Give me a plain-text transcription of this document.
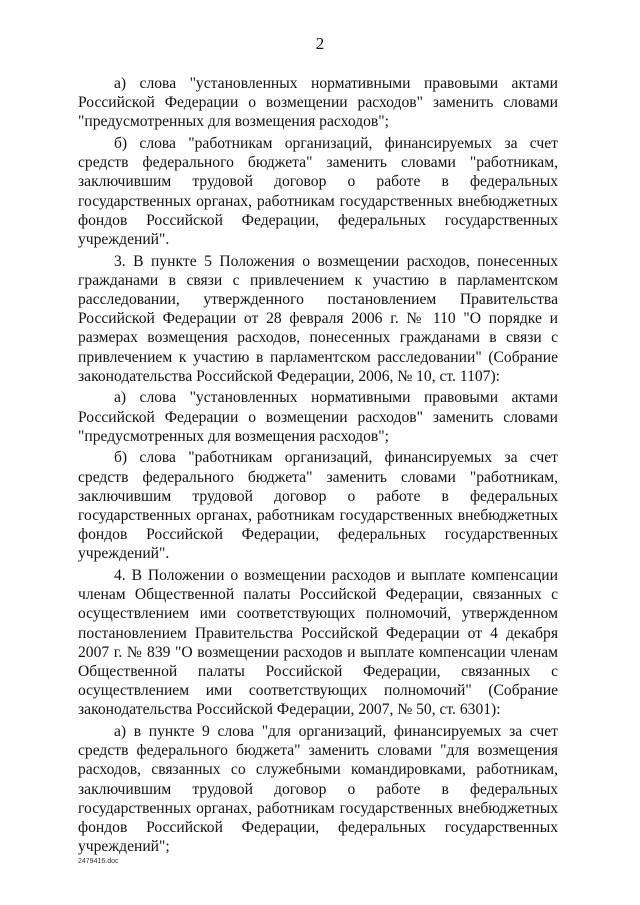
2

а) слова "установленных нормативными правовыми актами Российской Федерации о возмещении расходов" заменить словами "предусмотренных для возмещения расходов";

б) слова "работникам организаций, финансируемых за счет средств федерального бюджета" заменить словами "работникам, заключившим трудовой договор о работе в федеральных государственных органах, работникам государственных внебюджетных фондов Российской Федерации, федеральных государственных учреждений".

3. В пункте 5 Положения о возмещении расходов, понесенных гражданами в связи с привлечением к участию в парламентском расследовании, утвержденного постановлением Правительства Российской Федерации от 28 февраля 2006 г. № 110 "О порядке и размерах возмещения расходов, понесенных гражданами в связи с привлечением к участию в парламентском расследовании" (Собрание законодательства Российской Федерации, 2006, № 10, ст. 1107):

а) слова "установленных нормативными правовыми актами Российской Федерации о возмещении расходов" заменить словами "предусмотренных для возмещения расходов";

б) слова "работникам организаций, финансируемых за счет средств федерального бюджета" заменить словами "работникам, заключившим трудовой договор о работе в федеральных государственных органах, работникам государственных внебюджетных фондов Российской Федерации, федеральных государственных учреждений".

4. В Положении о возмещении расходов и выплате компенсации членам Общественной палаты Российской Федерации, связанных с осуществлением ими соответствующих полномочий, утвержденном постановлением Правительства Российской Федерации от 4 декабря 2007 г. № 839 "О возмещении расходов и выплате компенсации членам Общественной палаты Российской Федерации, связанных с осуществлением ими соответствующих полномочий" (Собрание законодательства Российской Федерации, 2007, № 50, ст. 6301):

а) в пункте 9 слова "для организаций, финансируемых за счет средств федерального бюджета" заменить словами "для возмещения расходов, связанных со служебными командировками, работникам, заключившим трудовой договор о работе в федеральных государственных органах, работникам государственных внебюджетных фондов Российской Федерации, федеральных государственных учреждений";

2479416.doc
